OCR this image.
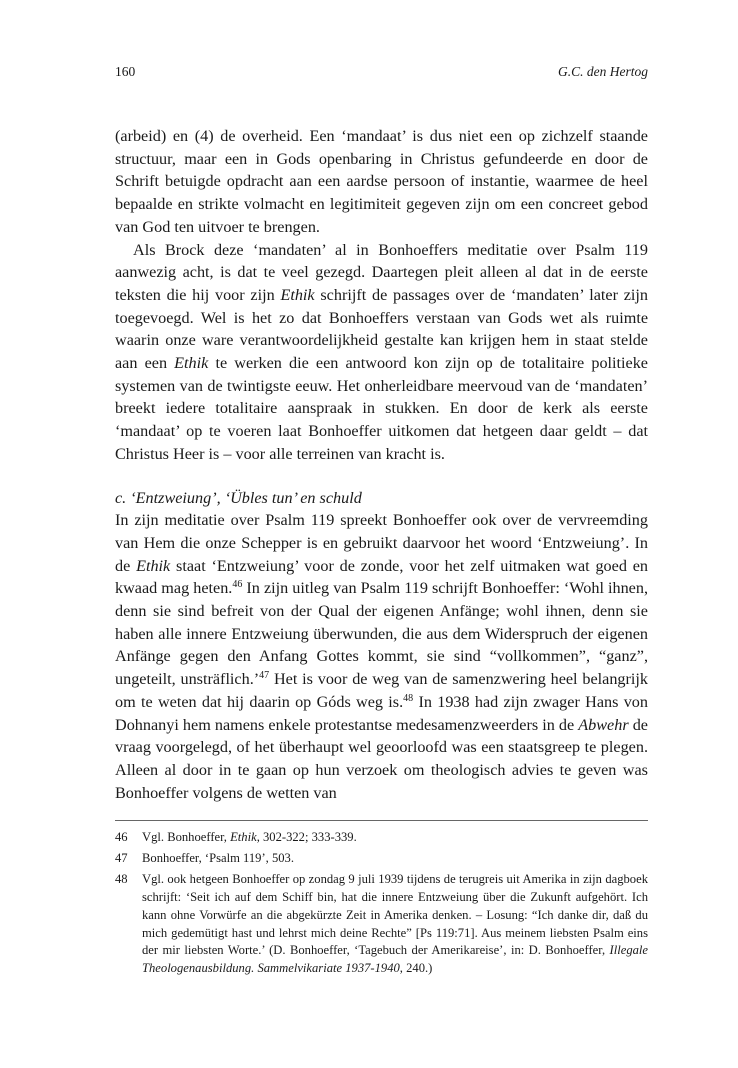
160	G.C. den Hertog

(arbeid) en (4) de overheid. Een ‘mandaat’ is dus niet een op zichzelf staande structuur, maar een in Gods openbaring in Christus gefundeerde en door de Schrift betuigde opdracht aan een aardse persoon of instantie, waarmee de heel bepaalde en strikte volmacht en legitimiteit gegeven zijn om een concreet gebod van God ten uitvoer te brengen.

Als Brock deze ‘mandaten’ al in Bonhoeffers meditatie over Psalm 119 aanwezig acht, is dat te veel gezegd. Daartegen pleit alleen al dat in de eerste teksten die hij voor zijn Ethik schrijft de passages over de ‘mandaten’ later zijn toegevoegd. Wel is het zo dat Bonhoeffers verstaan van Gods wet als ruimte waarin onze ware verantwoordelijkheid gestalte kan krijgen hem in staat stelde aan een Ethik te werken die een antwoord kon zijn op de totalitaire politieke systemen van de twintigste eeuw. Het onherleidbare meervoud van de ‘mandaten’ breekt iedere totalitaire aanspraak in stukken. En door de kerk als eerste ‘mandaat’ op te voeren laat Bonhoeffer uitkomen dat hetgeen daar geldt – dat Christus Heer is – voor alle terreinen van kracht is.

c. ‘Entzweiung’, ‘Übles tun’ en schuld

In zijn meditatie over Psalm 119 spreekt Bonhoeffer ook over de vervreemding van Hem die onze Schepper is en gebruikt daarvoor het woord ‘Entzweiung’. In de Ethik staat ‘Entzweiung’ voor de zonde, voor het zelf uitmaken wat goed en kwaad mag heten.$^{46}$ In zijn uitleg van Psalm 119 schrijft Bonhoeffer: ‘Wohl ihnen, denn sie sind befreit von der Qual der eigenen Anfänge; wohl ihnen, denn sie haben alle innere Entzweiung überwunden, die aus dem Widerspruch der eigenen Anfänge gegen den Anfang Gottes kommt, sie sind “vollkommen”, “ganz”, ungeteilt, unsträflich.’$^{47}$ Het is voor de weg van de samenzwering heel belangrijk om te weten dat hij daarin op Góds weg is.$^{48}$ In 1938 had zijn zwager Hans von Dohnanyi hem namens enkele protestantse medesamenzweerders in de Abwehr de vraag voorgelegd, of het überhaupt wel geoorloofd was een staatsgreep te plegen. Alleen al door in te gaan op hun verzoek om theologisch advies te geven was Bonhoeffer volgens de wetten van

46	Vgl. Bonhoeffer, Ethik, 302-322; 333-339.
47	Bonhoeffer, ‘Psalm 119’, 503.
48	Vgl. ook hetgeen Bonhoeffer op zondag 9 juli 1939 tijdens de terugreis uit Amerika in zijn dagboek schrijft: ‘Seit ich auf dem Schiff bin, hat die innere Entzweiung über die Zukunft aufgehört. Ich kann ohne Vorwürfe an die abgekürzte Zeit in Amerika denken. – Losung: “Ich danke dir, daß du mich gedemütigt hast und lehrst mich deine Rechte” [Ps 119:71]. Aus meinem liebsten Psalm eins der mir liebsten Worte.’ (D. Bonhoeffer, ‘Tagebuch der Amerikareise’, in: D. Bonhoeffer, Illegale Theologenausbildung. Sammelvikariate 1937-1940, 240.)
